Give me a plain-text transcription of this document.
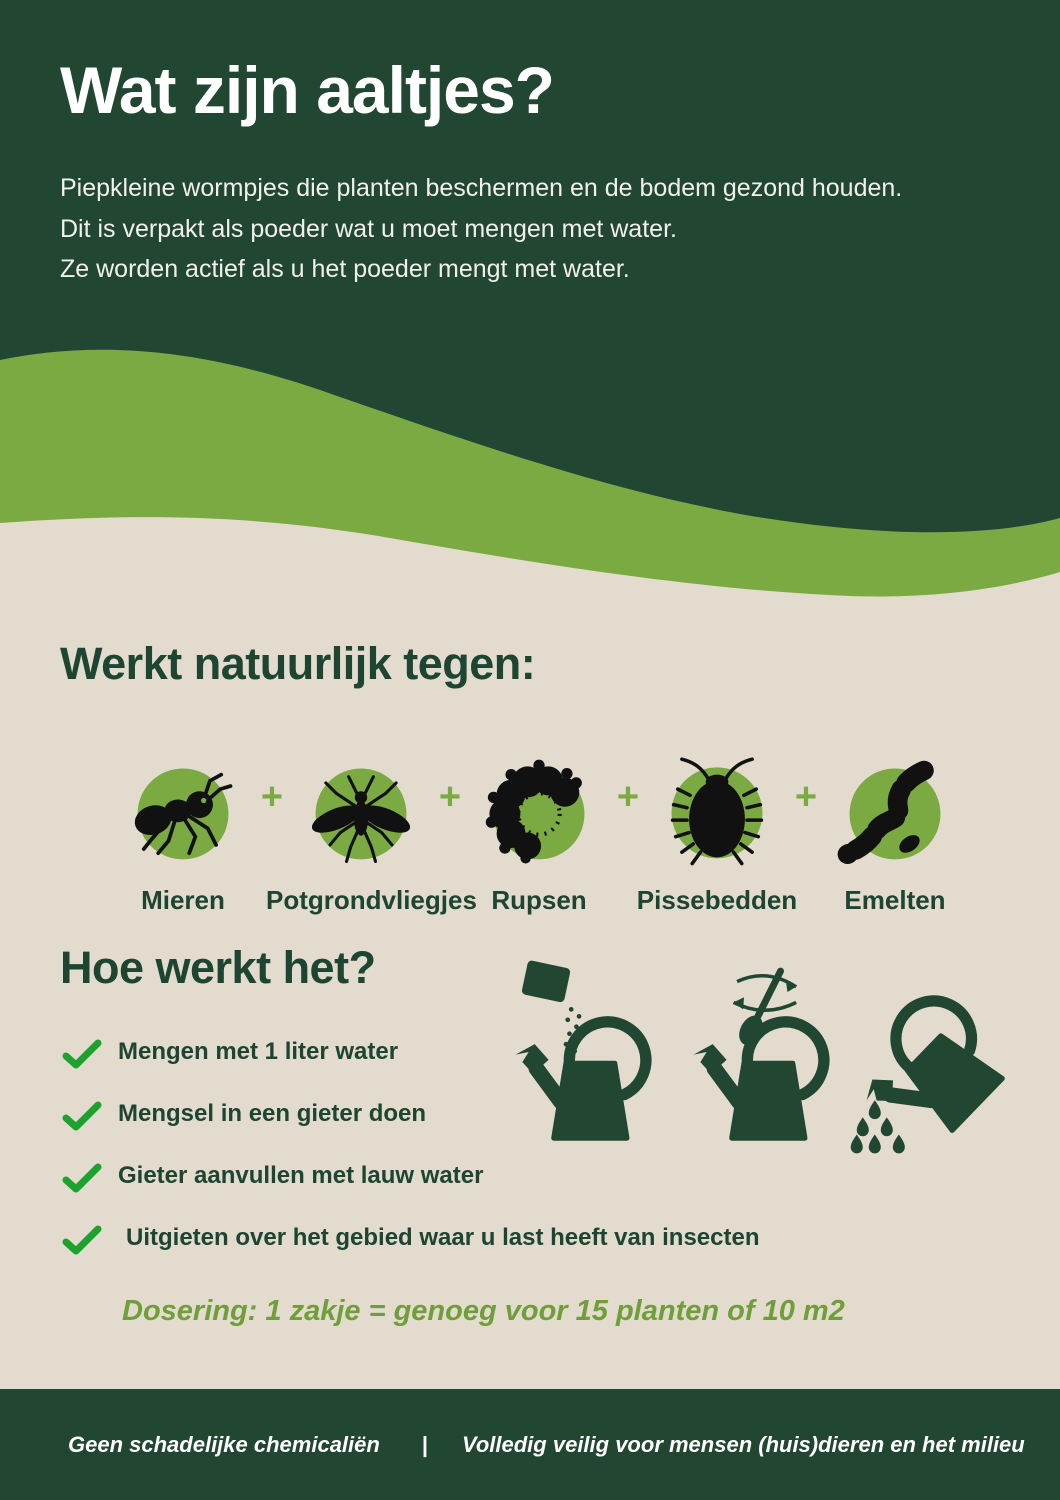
Wat zijn aaltjes?
Piepkleine wormpjes die planten beschermen en de bodem gezond houden.
Dit is verpakt als poeder wat u moet mengen met water.
Ze worden actief als u het poeder mengt met water.
Werkt natuurlijk tegen:
Mieren	Potgrondvliegjes Rupsen	Pissebedden	Emelten
+	+	+	+
Hoe werkt het?
Mengen met 1 liter water
Mengsel in een gieter doen
Gieter aanvullen met lauw water
Uitgieten over het gebied waar u last heeft van insecten
Dosering: 1 zakje = genoeg voor 15 planten of 10 m2
Geen schadelijke chemicaliën | Volledig veilig voor mensen (huis)dieren en het milieu
